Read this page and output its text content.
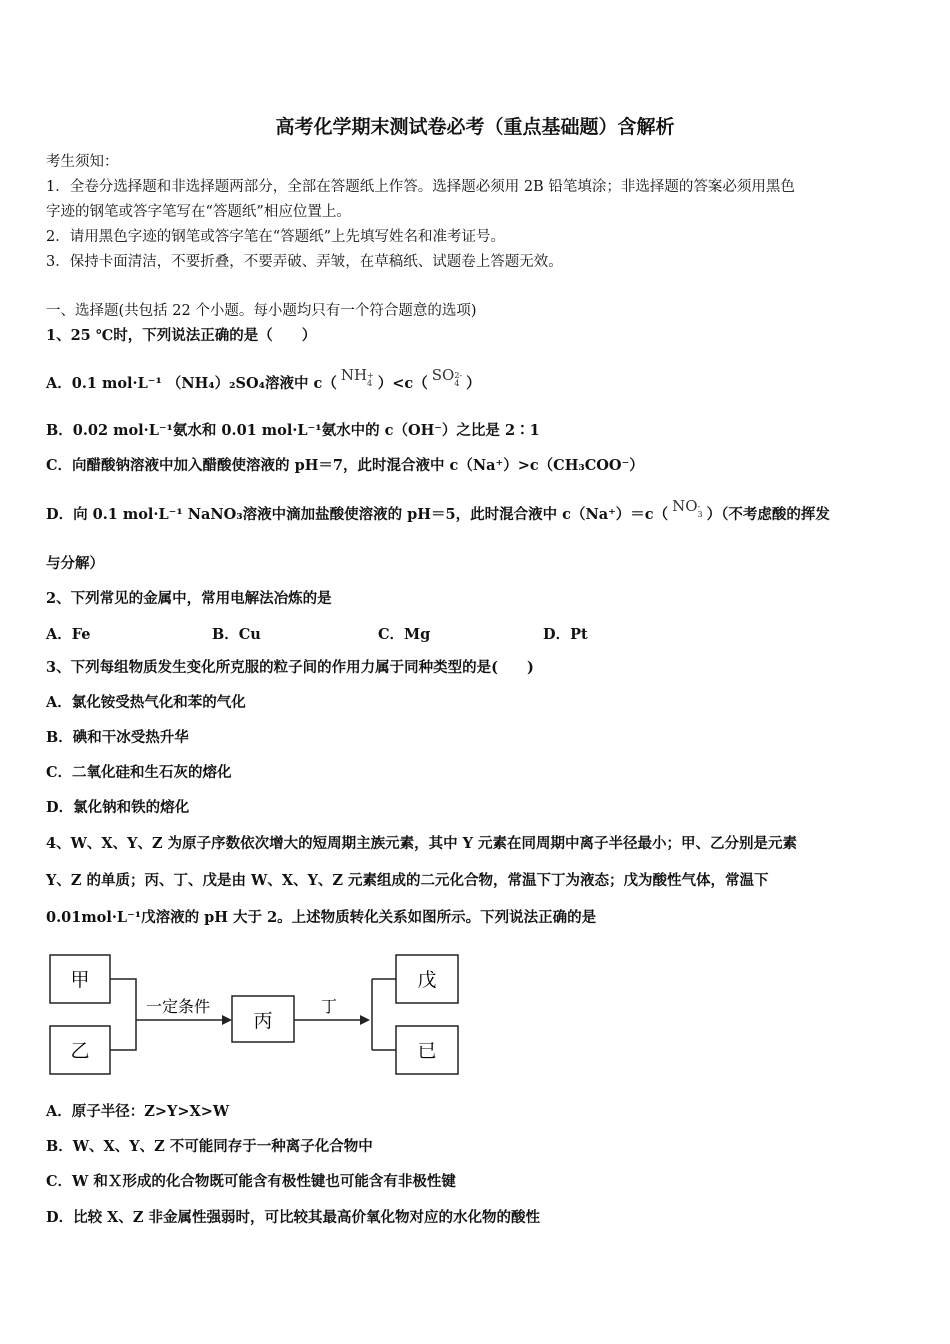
高考化学期末测试卷必考（重点基础题）含解析
考生须知：
1．全卷分选择题和非选择题两部分，全部在答题纸上作答。选择题必须用 2B 铅笔填涂；非选择题的答案必须用黑色
字迹的钢笔或答字笔写在“答题纸”相应位置上。
2．请用黑色字迹的钢笔或答字笔在“答题纸”上先填写姓名和准考证号。
3．保持卡面清洁，不要折叠，不要弄破、弄皱，在草稿纸、试题卷上答题无效。
一、选择题(共包括 22 个小题。每小题均只有一个符合题意的选项)
1、25 ℃时，下列说法正确的是（　　）
A．0.1 mol·L⁻¹ （NH₄）₂SO₄溶液中 c（ NH +
4 ）<c（ SO 2-
4 ）
B．0.02 mol·L⁻¹氨水和 0.01 mol·L⁻¹氨水中的 c（OH⁻）之比是 2∶1
C．向醋酸钠溶液中加入醋酸使溶液的 pH＝7，此时混合液中 c（Na⁺）>c（CH₃COO⁻）
D．向 0.1 mol·L⁻¹ NaNO₃溶液中滴加盐酸使溶液的 pH＝5，此时混合液中 c（Na⁺）＝c（ NO -
3 ）（不考虑酸的挥发
与分解）
2、下列常见的金属中，常用电解法冶炼的是
A．Fe	B．Cu	C．Mg	D．Pt
3、下列每组物质发生变化所克服的粒子间的作用力属于同种类型的是(　　)
A．氯化铵受热气化和苯的气化
B．碘和干冰受热升华
C．二氧化硅和生石灰的熔化
D．氯化钠和铁的熔化
4、W、X、Y、Z 为原子序数依次增大的短周期主族元素，其中 Y 元素在同周期中离子半径最小；甲、乙分别是元素
Y、Z 的单质；丙、丁、戊是由 W、X、Y、Z 元素组成的二元化合物，常温下丁为液态；戊为酸性气体，常温下
0.01mol·L⁻¹戊溶液的 pH 大于 2。上述物质转化关系如图所示。下列说法正确的是
甲
乙
一定条件
丙
丁
戊
已
A．原子半径：Z>Y>X>W
B．W、X、Y、Z 不可能同存于一种离子化合物中
C．W 和Ｘ形成的化合物既可能含有极性键也可能含有非极性键
D．比较 X、Z 非金属性强弱时，可比较其最高价氧化物对应的水化物的酸性
